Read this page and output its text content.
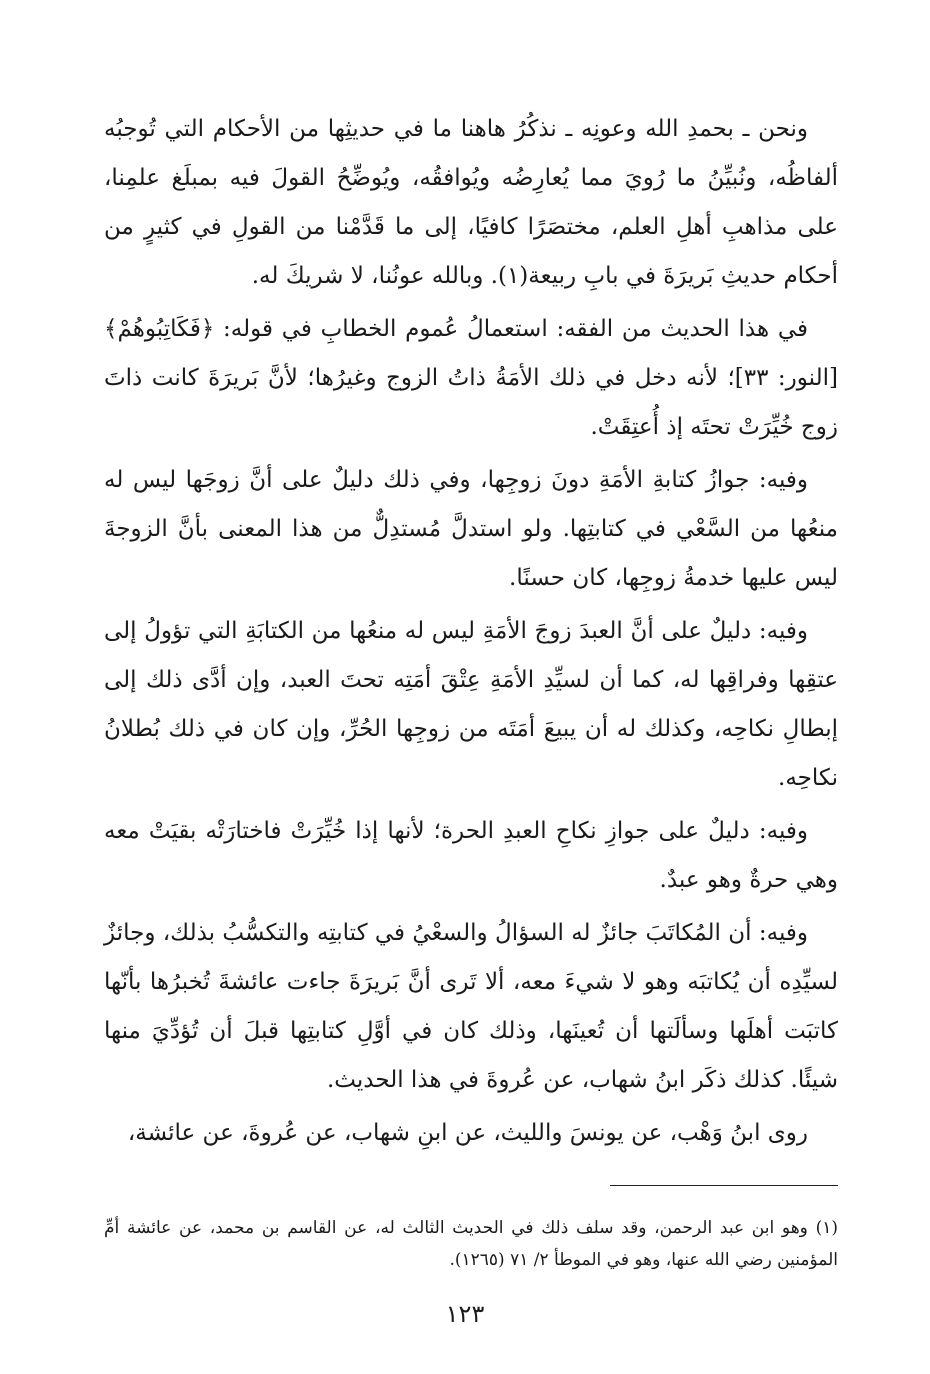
ونحن ـ بحمدِ الله وعونِه ـ نذكُرُ هاهنا ما في حديثِها من الأحكام التي تُوجبُه ألفاظُه، ونُبيِّنُ ما رُويَ مما يُعارِضُه ويُوافقُه، ويُوضِّحُ القولَ فيه بمبلَغ علمِنا، على مذاهبِ أهلِ العلم، مختصَرًا كافيًا، إلى ما قَدَّمْنا من القولِ في كثيرٍ من أحكام حديثِ بَريرَةَ في بابِ ربيعة(١). وبالله عونُنا، لا شريكَ له.

في هذا الحديث من الفقه: استعمالُ عُموم الخطابِ في قوله: ﴿فَكَاتِبُوهُمْ﴾ [النور: ٣٣]؛ لأنه دخل في ذلك الأمَةُ ذاتُ الزوج وغيرُها؛ لأنَّ بَريرَةَ كانت ذاتَ زوج خُيِّرَتْ تحتَه إذ أُعتِقَتْ.

وفيه: جوازُ كتابةِ الأمَةِ دونَ زوجِها، وفي ذلك دليلٌ على أنَّ زوجَها ليس له منعُها من السَّعْي في كتابتِها. ولو استدلَّ مُستدِلٌّ من هذا المعنى بأنَّ الزوجةَ ليس عليها خدمةُ زوجِها، كان حسنًا.

وفيه: دليلٌ على أنَّ العبدَ زوجَ الأمَةِ ليس له منعُها من الكتابَةِ التي تؤولُ إلى عتقِها وفراقِها له، كما أن لسيِّدِ الأمَةِ عِتْقَ أمَتِه تحتَ العبد، وإن أدَّى ذلك إلى إبطالِ نكاحِه، وكذلك له أن يبيعَ أمَتَه من زوجِها الحُرِّ، وإن كان في ذلك بُطلانُ نكاحِه.

وفيه: دليلٌ على جوازِ نكاحِ العبدِ الحرة؛ لأنها إذا خُيِّرَتْ فاختارَتْه بقيَتْ معه وهي حرةٌ وهو عبدٌ.

وفيه: أن المُكاتَبَ جائزٌ له السؤالُ والسعْيُ في كتابتِه والتكسُّبُ بذلك، وجائزٌ لسيِّدِه أن يُكاتبَه وهو لا شيءَ معه، ألا تَرى أنَّ بَريرَةَ جاءت عائشةَ تُخبرُها بأنّها كاتبَت أهلَها وسألَتها أن تُعينَها، وذلك كان في أوَّلِ كتابتِها قبلَ أن تُؤدِّيَ منها شيئًا. كذلك ذكَر ابنُ شهاب، عن عُروةَ في هذا الحديث.

روى ابنُ وَهْب، عن يونسَ والليث، عن ابنِ شهاب، عن عُروةَ، عن عائشة،

(١) وهو ابن عبد الرحمن، وقد سلف ذلك في الحديث الثالث له، عن القاسم بن محمد، عن عائشة أمِّ المؤمنين رضي الله عنها، وهو في الموطأ ٢/ ٧١ (١٢٦٥).

١٢٣
